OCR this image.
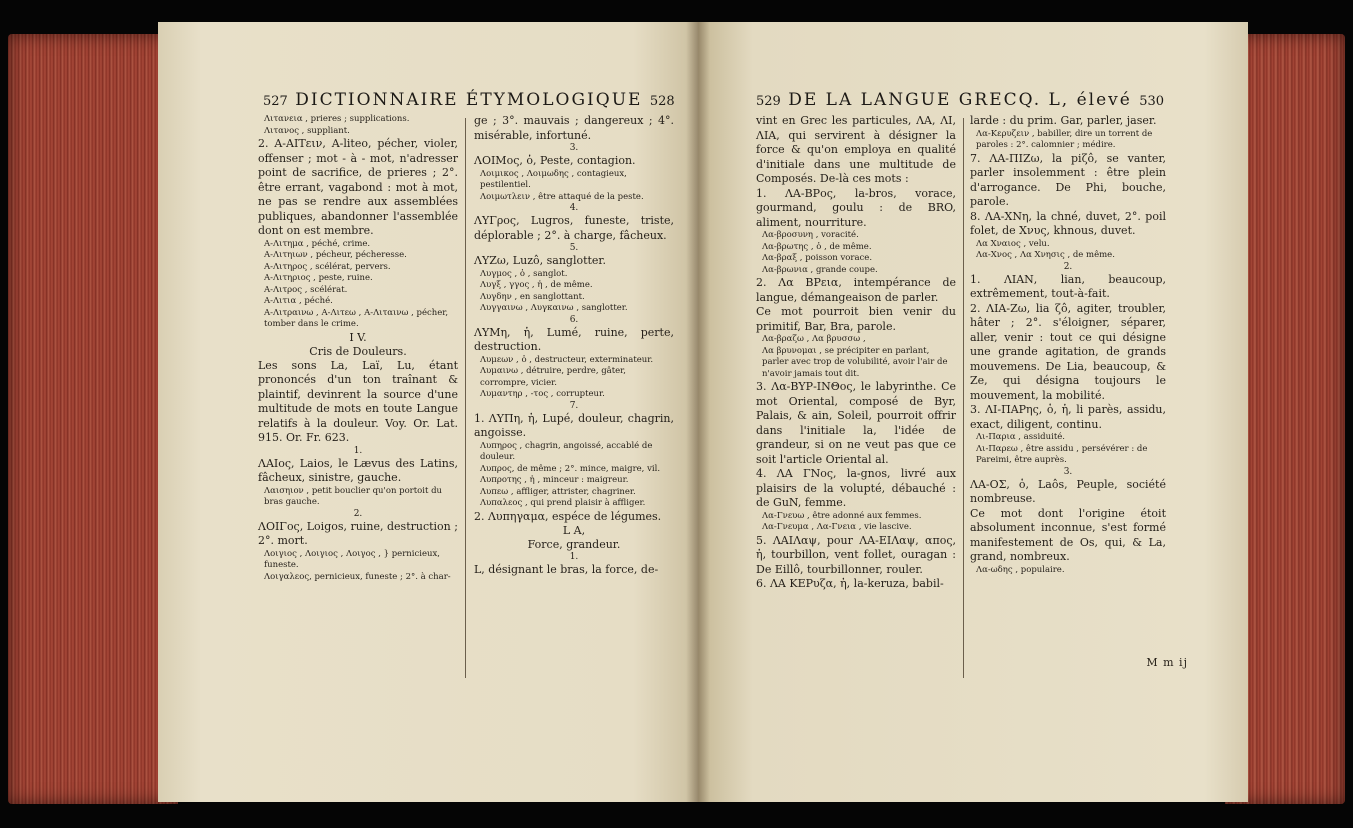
527 DICTIONNAIRE ÉTYMOLOGIQUE 528

Λιτανεια , prieres ; supplications.

Λιτανος , suppliant.

2. A-AITειν, A-liteo, pécher, violer, offenser ; mot - à - mot, n'adresser point de sacrifice, de prieres ; 2°. être errant, vagabond : mot à mot, ne pas se rendre aux assemblées publiques, abandonner l'assemblée dont on est membre.

Α-Λιτημα , péché, crime.

Α-Λιτηιων , pécheur, pécheresse.

Α-Λιτηρος , scélérat, pervers.

Α-Λιτηριος , peste, ruine.

Α-Λιτρος , scélérat.

Α-Λιτια , péché.

Α-Λιτραινω , Α-Λιτεω , Α-Λιταινω , pécher, tomber dans le crime.

I V.

Cris de Douleurs.

Les sons La, Laï, Lu, étant prononcés d'un ton traînant & plaintif, devinrent la source d'une multitude de mots en toute Langue relatifs à la douleur. Voy. Or. Lat. 915. Or. Fr. 623.

1.

ΛAΙος, Laios, le Lævus des Latins, fâcheux, sinistre, gauche.

Λαισηιον , petit bouclier qu'on portoit du bras gauche.

2.

ΛΟΙΓος, Loigos, ruine, destruction ; 2°. mort.

Λοιγιος , Λοιγιος , Λοιγος , } pernicieux, funeste.

Λοιγαλεος, pernicieux, funeste ; 2°. à char-

ge ; 3°. mauvais ; dangereux ; 4°. misérable, infortuné.

3.

ΛΟΙΜος, ὁ, Peste, contagion.

Λοιμικος , Λοιμωδης , contagieux, pestilentiel.

Λοιμωτλειν , être attaqué de la peste.

4.

ΛΥΓρος, Lugros, funeste, triste, déplorable ; 2°. à charge, fâcheux.

5.

ΛΥΖω, Luzô, sanglotter.

Λυγμος , ὁ , sanglot.

Λυγξ , γγος , ἡ , de même.

Λυγδην , en sanglottant.

Λυγγαινω , Λυγκαινω , sanglotter.

6.

ΛΥΜη, ἡ, Lumé, ruine, perte, destruction.

Λυμεων , ὁ , destructeur, exterminateur.

Λυμαινω , détruire, perdre, gâter, corrompre, vicier.

Λυμαντηρ , -τος , corrupteur.

7.

1. ΛΥΠη, ἡ, Lupé, douleur, chagrin, angoisse.

Λυπηρος , chagrin, angoissé, accablé de douleur.

Λυπρος, de même ; 2°. mince, maigre, vil.

Λυπροτης , ἡ , minceur : maigreur.

Λυπεω , affliger, attrister, chagriner.

Λυπαλεος , qui prend plaisir à affliger.

2. Λυπηγαμα, espéce de légumes.

L A,

Force, grandeur.

1.

L, désignant le bras, la force, de-

529 DE LA LANGUE GRECQ. L, élevé 530

vint en Grec les particules, ΛΑ, ΛΙ, ΛΙΑ, qui servirent à désigner la force & qu'on employa en qualité d'initiale dans une multitude de Composés. De-là ces mots :

1. ΛΑ-ΒΡος, la-bros, vorace, gourmand, goulu : de BRO, aliment, nourriture.

Λα-βροσυνη , voracité.

Λα-βρωτης , ὁ , de même.

Λα-βραξ , poisson vorace.

Λα-βρωνια , grande coupe.

2. Λα ΒΡεια, intempérance de langue, démangeaison de parler.

Ce mot pourroit bien venir du primitif, Bar, Bra, parole.

Λα-βραζω , Λα βρυσσω ,

Λα βρυνομαι , se précipiter en parlant, parler avec trop de volubilité, avoir l'air de n'avoir jamais tout dit.

3. Λα-ΒΥΡ-ΙΝΘος, le labyrinthe. Ce mot Oriental, composé de Byr, Palais, & ain, Soleil, pourroit offrir dans l'initiale la, l'idée de grandeur, si on ne veut pas que ce soit l'article Oriental al.

4. ΛΑ ΓΝος, la-gnos, livré aux plaisirs de la volupté, débauché : de GuN, femme.

Λα-Γνευω , être adonné aux femmes.

Λα-Γνευμα , Λα-Γνεια , vie lascive.

5. ΛΑΙΛαψ, pour ΛΑ-ΕΙΛαψ, απος, ἡ, tourbillon, vent follet, ouragan : De Eillô, tourbillonner, rouler.

6. ΛΑ ΚΕΡυζα, ἡ, la-keruza, babil-

larde : du prim. Gar, parler, jaser.

Λα-Κερυζειν , babiller, dire un torrent de paroles : 2°. calomnier ; médire.

7. ΛΑ-ΠΙΖω, la piζô, se vanter, parler insolemment : être plein d'arrogance. De Phi, bouche, parole.

8. ΛΑ-ΧΝη, la chné, duvet, 2°. poil folet, de Χνυς, khnous, duvet.

Λα Χναιος , velu.

Λα-Χνος , Λα Χνησις , de même.

2.

1. ΛΙΑΝ, lian, beaucoup, extrêmement, tout-à-fait.

2. ΛΙΑ-Ζω, lia ζô, agiter, troubler, hâter ; 2°. s'éloigner, séparer, aller, venir : tout ce qui désigne une grande agitation, de grands mouvemens. De Lia, beaucoup, & Ze, qui désigna toujours le mouvement, la mobilité.

3. ΛΙ-ΠΑΡης, ὁ, ἡ, li parès, assidu, exact, diligent, continu.

Λι-Παρια , assiduité.

Λι-Παρεω , être assidu , persévérer : de Pareimi, être auprès.

3.

ΛΑ-ΟΣ, ὁ, Laôs, Peuple, société nombreuse.

Ce mot dont l'origine étoit absolument inconnue, s'est formé manifestement de Os, qui, & La, grand, nombreux.

Λα-ωδης , populaire.

M m ij
